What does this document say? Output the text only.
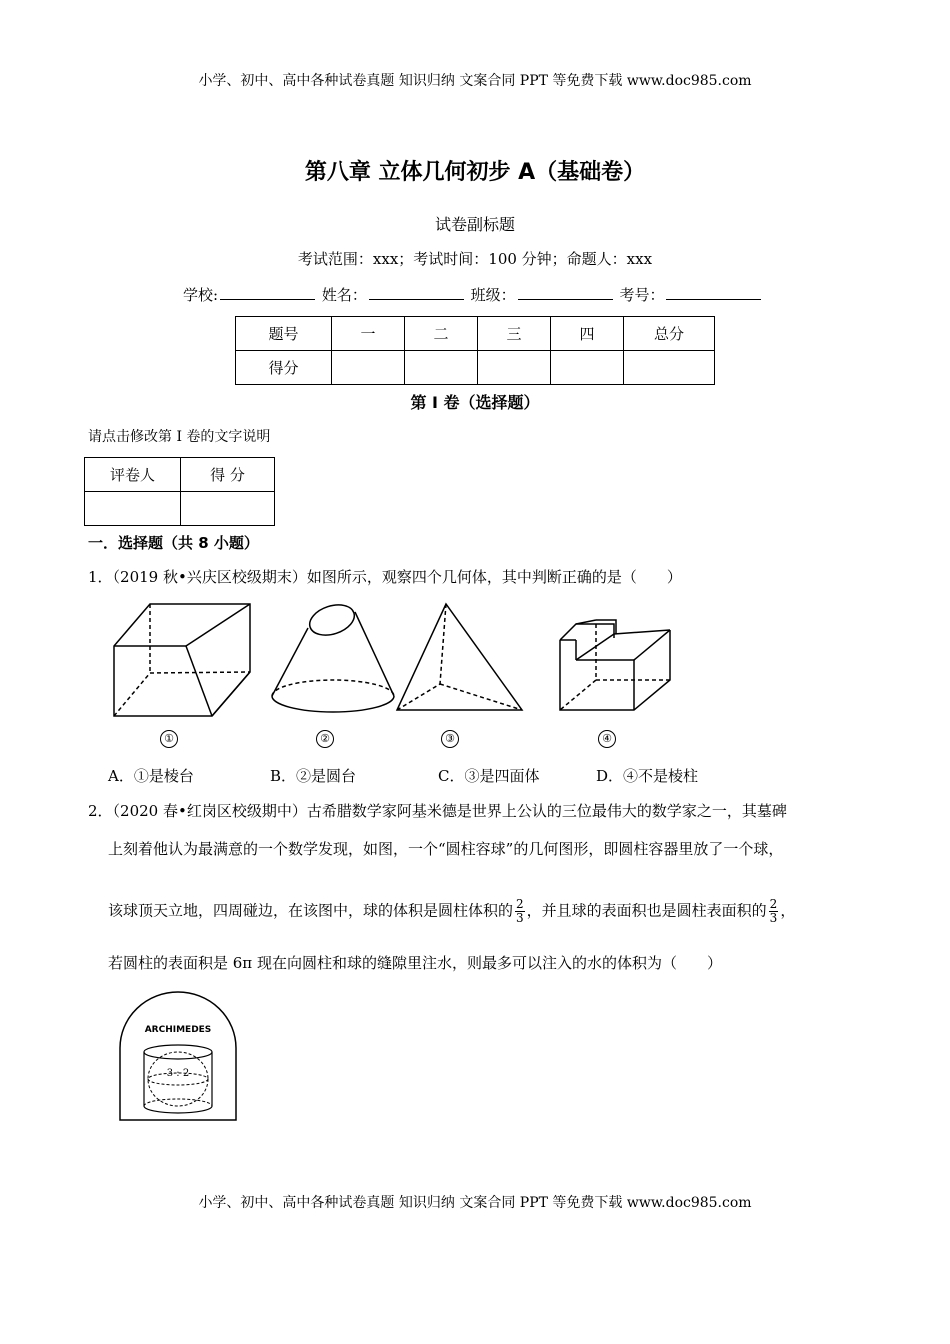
小学、初中、高中各种试卷真题 知识归纳 文案合同 PPT 等免费下载 www.doc985.com
第八章 立体几何初步 A（基础卷）
试卷副标题
考试范围：xxx；考试时间：100 分钟；命题人：xxx
学校:	姓名：	班级：	考号：
题号	一	二	三	四	总分
得分					
第 I 卷（选择题）
请点击修改第 I 卷的文字说明
评卷人	得 分

一．选择题（共 8 小题）
1．（2019 秋•兴庆区校级期末）如图所示，观察四个几何体，其中判断正确的是（　　）
①	②	③	④
A．①是棱台	B．②是圆台	C．③是四面体	D．④不是棱柱
2．（2020 春•红岗区校级期中）古希腊数学家阿基米德是世界上公认的三位最伟大的数学家之一，其墓碑
上刻着他认为最满意的一个数学发现，如图，一个“圆柱容球”的几何图形，即圆柱容器里放了一个球，
该球顶天立地，四周碰边，在该图中，球的体积是圆柱体积的 $\frac{2}{3}$ ，并且球的表面积也是圆柱表面积的 $\frac{2}{3}$ ，
若圆柱的表面积是 6π 现在向圆柱和球的缝隙里注水，则最多可以注入的水的体积为（　　）
ARCHIMEDES
3 : 2
小学、初中、高中各种试卷真题 知识归纳 文案合同 PPT 等免费下载 www.doc985.com
